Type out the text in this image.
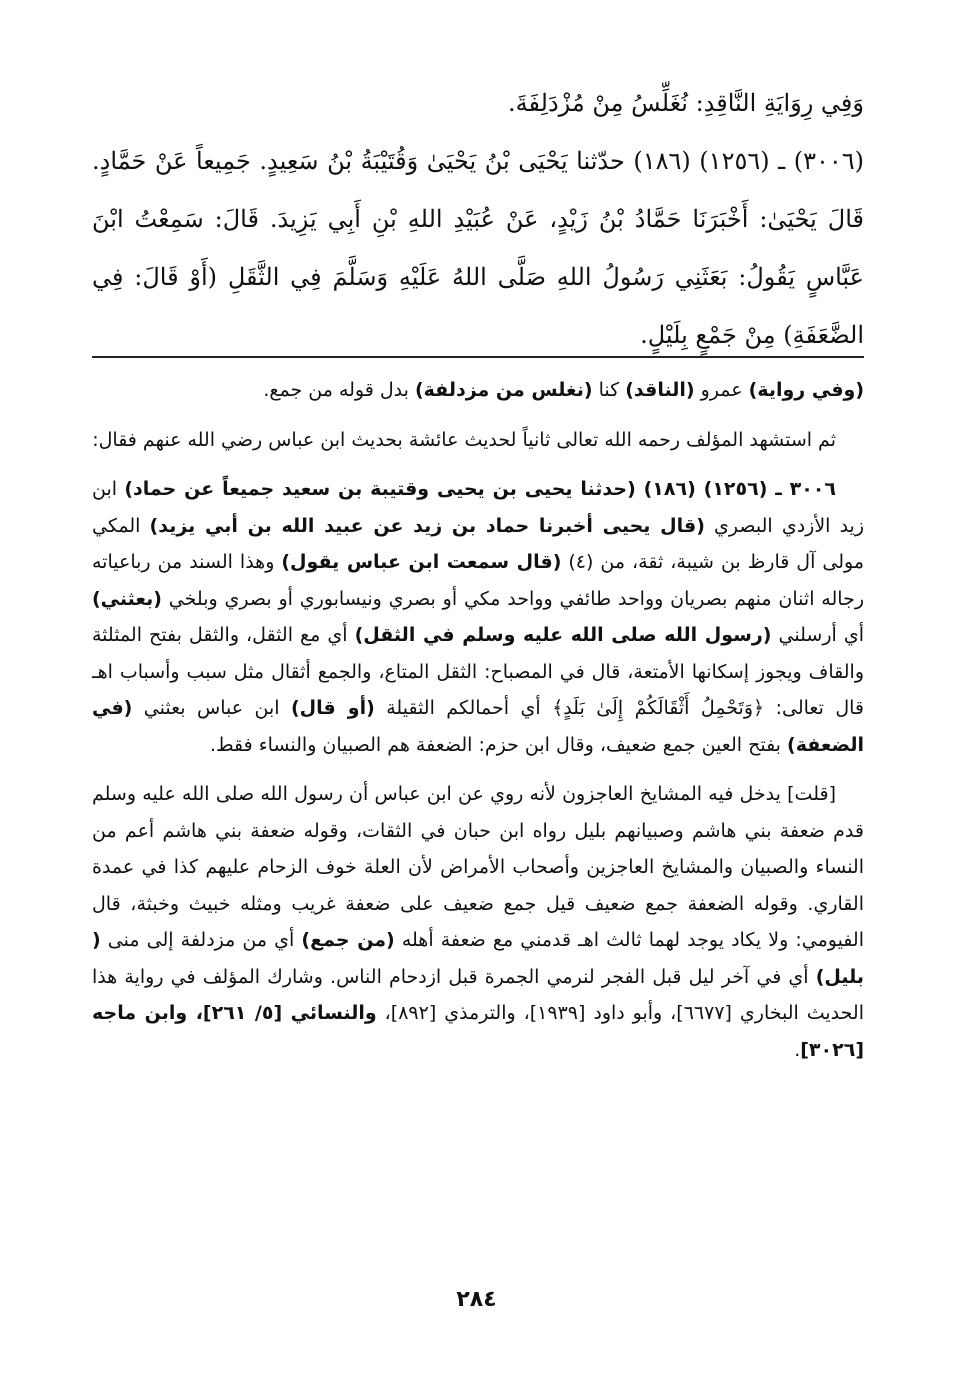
وَفِي رِوَايَةِ النَّاقِدِ: نُغَلِّسُ مِنْ مُزْدَلِفَةَ.

(٣٠٠٦) ـ (١٢٥٦) (١٨٦) حدّثنا يَحْيَى بْنُ يَحْيَىٰ وَقُتَيْبَةُ بْنُ سَعِيدٍ. جَمِيعاً عَنْ حَمَّادٍ. قَالَ يَحْيَىٰ: أَخْبَرَنَا حَمَّادُ بْنُ زَيْدٍ، عَنْ عُبَيْدِ اللهِ بْنِ أَبِي يَزِيدَ. قَالَ: سَمِعْتُ ابْنَ عَبَّاسٍ يَقُولُ: بَعَثَنِي رَسُولُ اللهِ صَلَّى اللهُ عَلَيْهِ وَسَلَّمَ فِي الثَّقَلِ (أَوْ قَالَ: فِي الضَّعَفَةِ) مِنْ جَمْعٍ بِلَيْلٍ.

(وفي رواية) عمرو (الناقد) كنا (نغلس من مزدلفة) بدل قوله من جمع.

ثم استشهد المؤلف رحمه الله تعالى ثانياً لحديث عائشة بحديث ابن عباس رضي الله عنهم فقال:

٣٠٠٦ ـ (١٢٥٦) (١٨٦) (حدثنا يحيى بن يحيى وقتيبة بن سعيد جميعاً عن حماد) ابن زيد الأزدي البصري (قال يحيى أخبرنا حماد بن زيد عن عبيد الله بن أبي يزيد) المكي مولى آل قارظ بن شيبة، ثقة، من (٤) (قال سمعت ابن عباس يقول) وهذا السند من رباعياته رجاله اثنان منهم بصريان وواحد طائفي وواحد مكي أو بصري ونيسابوري أو بصري وبلخي (بعثني) أي أرسلني (رسول الله صلى الله عليه وسلم في الثقل) أي مع الثقل، والثقل بفتح المثلثة والقاف ويجوز إسكانها الأمتعة، قال في المصباح: الثقل المتاع، والجمع أثقال مثل سبب وأسباب اهـ قال تعالى: ﴿وَتَحْمِلُ أَثْقَالَكُمْ إِلَىٰ بَلَدٍ﴾ أي أحمالكم الثقيلة (أو قال) ابن عباس بعثني (في الضعفة) بفتح العين جمع ضعيف، وقال ابن حزم: الضعفة هم الصبيان والنساء فقط.

[قلت] يدخل فيه المشايخ العاجزون لأنه روي عن ابن عباس أن رسول الله صلى الله عليه وسلم قدم ضعفة بني هاشم وصبيانهم بليل رواه ابن حبان في الثقات، وقوله ضعفة بني هاشم أعم من النساء والصبيان والمشايخ العاجزين وأصحاب الأمراض لأن العلة خوف الزحام عليهم كذا في عمدة القاري. وقوله الضعفة جمع ضعيف قيل جمع ضعيف على ضعفة غريب ومثله خبيث وخبثة، قال الفيومي: ولا يكاد يوجد لهما ثالث اهـ قدمني مع ضعفة أهله (من جمع) أي من مزدلفة إلى منى ( بليل) أي في آخر ليل قبل الفجر لنرمي الجمرة قبل ازدحام الناس. وشارك المؤلف في رواية هذا الحديث البخاري [٦٦٧٧]، وأبو داود [١٩٣٩]، والترمذي [٨٩٢]، والنسائي [٥/ ٢٦١]، وابن ماجه [٣٠٢٦].

٢٨٤
